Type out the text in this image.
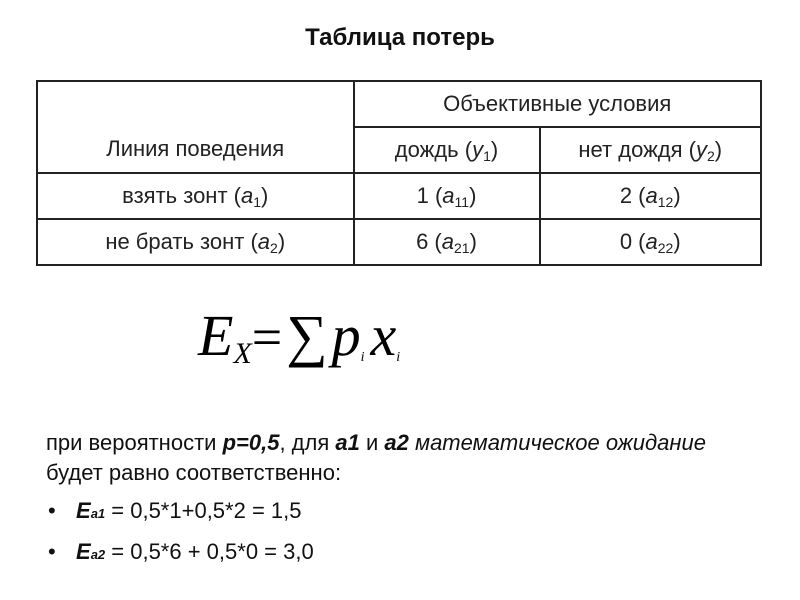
Таблица потерь
Линия поведения	Объективные условия	
	дождь $(y_1)$	нет дождя $(y_2)$
взять зонт $(a_1)$	1 $(a_{11})$	2 $(a_{12})$
не брать зонт $(a_2)$	6 $(a_{21})$	0 $(a_{22})$
EX=∑pi xi
при вероятности p=0,5, для a1 и a2 математическое ожидание будет равно соответственно:
• Ea1 = 0,5*1+0,5*2 = 1,5
• Ea2 = 0,5*6 + 0,5*0 = 3,0
